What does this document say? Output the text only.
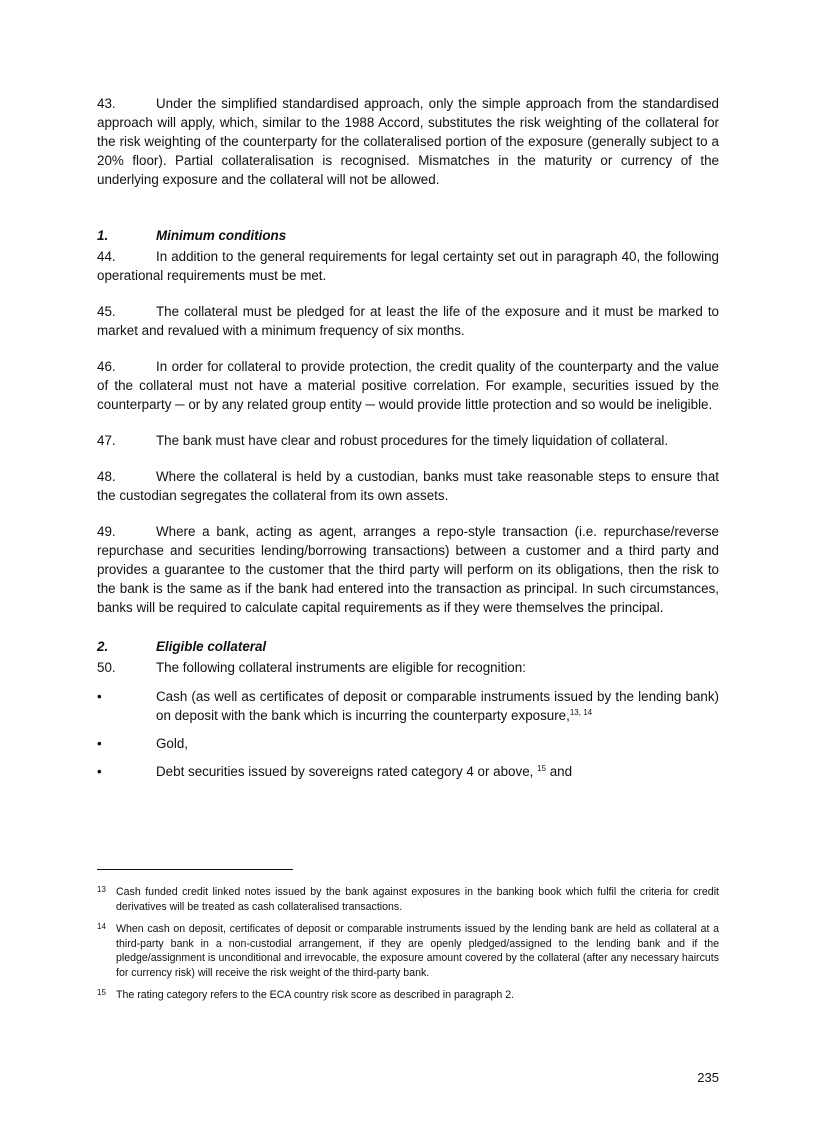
43.	Under the simplified standardised approach, only the simple approach from the standardised approach will apply, which, similar to the 1988 Accord, substitutes the risk weighting of the collateral for the risk weighting of the counterparty for the collateralised portion of the exposure (generally subject to a 20% floor). Partial collateralisation is recognised. Mismatches in the maturity or currency of the underlying exposure and the collateral will not be allowed.

1.	Minimum conditions

44.	In addition to the general requirements for legal certainty set out in paragraph 40, the following operational requirements must be met.

45.	The collateral must be pledged for at least the life of the exposure and it must be marked to market and revalued with a minimum frequency of six months.

46.	In order for collateral to provide protection, the credit quality of the counterparty and the value of the collateral must not have a material positive correlation. For example, securities issued by the counterparty ─ or by any related group entity ─ would provide little protection and so would be ineligible.

47.	The bank must have clear and robust procedures for the timely liquidation of collateral.

48.	Where the collateral is held by a custodian, banks must take reasonable steps to ensure that the custodian segregates the collateral from its own assets.

49.	Where a bank, acting as agent, arranges a repo-style transaction (i.e. repurchase/reverse repurchase and securities lending/borrowing transactions) between a customer and a third party and provides a guarantee to the customer that the third party will perform on its obligations, then the risk to the bank is the same as if the bank had entered into the transaction as principal. In such circumstances, banks will be required to calculate capital requirements as if they were themselves the principal.

2.	Eligible collateral

50.	The following collateral instruments are eligible for recognition:

•	Cash (as well as certificates of deposit or comparable instruments issued by the lending bank) on deposit with the bank which is incurring the counterparty exposure,$^{13, 14}$
•	Gold,
•	Debt securities issued by sovereigns rated category 4 or above, $^{15}$ and
13 Cash funded credit linked notes issued by the bank against exposures in the banking book which fulfil the criteria for credit derivatives will be treated as cash collateralised transactions.
14 When cash on deposit, certificates of deposit or comparable instruments issued by the lending bank are held as collateral at a third-party bank in a non-custodial arrangement, if they are openly pledged/assigned to the lending bank and if the pledge/assignment is unconditional and irrevocable, the exposure amount covered by the collateral (after any necessary haircuts for currency risk) will receive the risk weight of the third-party bank.
15 The rating category refers to the ECA country risk score as described in paragraph 2.
235
